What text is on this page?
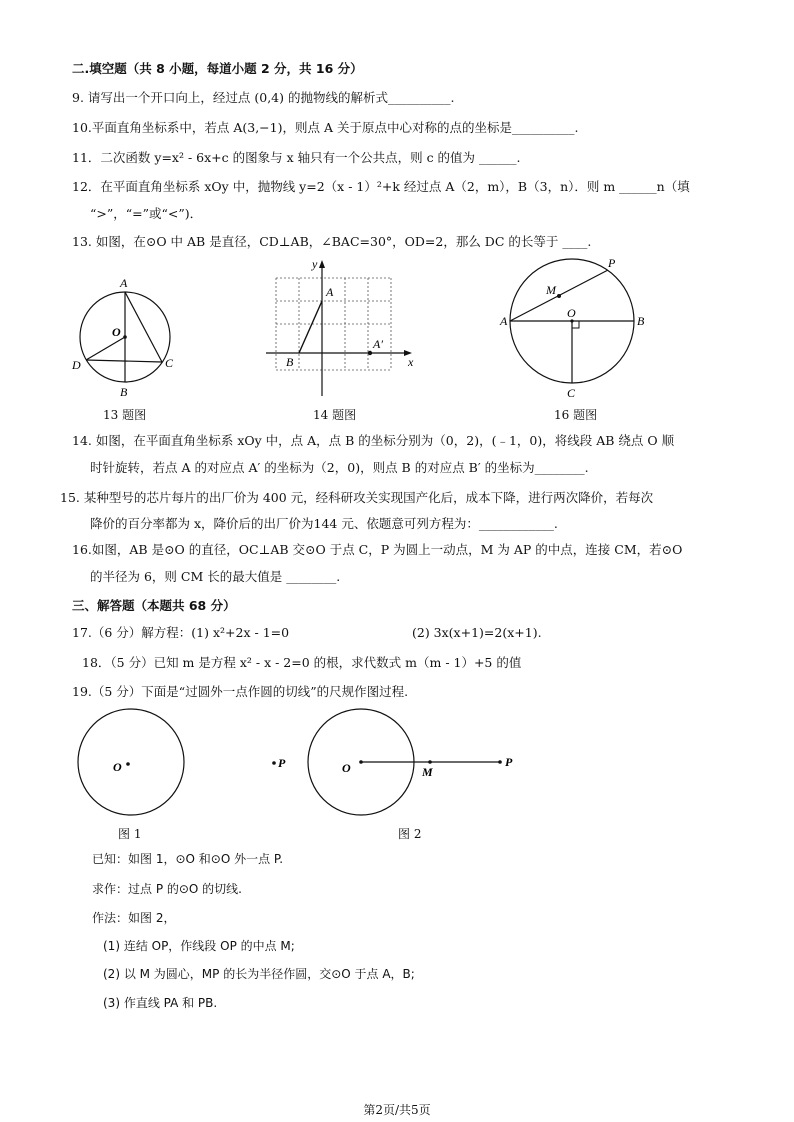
二.填空题（共 8 小题，每道小题 2 分，共 16 分）
9. 请写出一个开口向上，经过点 (0,4) 的抛物线的解析式__________.
10.平面直角坐标系中，若点 A(3,−1)，则点 A 关于原点中心对称的点的坐标是__________.
11．二次函数 y=x² - 6x+c 的图象与 x 轴只有一个公共点，则 c 的值为 ______.
12．在平面直角坐标系 xOy 中，抛物线 y=2（x - 1）²+k 经过点 A（2，m），B（3，n）．则 m ______n（填
“>”，“=”或“<”)．
13. 如图，在⊙O 中 AB 是直径，CD⊥AB，∠BAC=30°，OD=2，那么 DC 的长等于 ____.
A
O
D	C
B
13 题图
y
x
A
A′
B
14 题图
P
M
A
O
B
C
16 题图
14. 如图，在平面直角坐标系 xOy 中，点 A，点 B 的坐标分别为（0，2)，(﹣1，0)，将线段 AB 绕点 O 顺
时针旋转，若点 A 的对应点 A′ 的坐标为（2，0)，则点 B 的对应点 B′ 的坐标为________.
15. 某种型号的芯片每片的出厂价为 400 元，经科研攻关实现国产化后，成本下降，进行两次降价，若每次
降价的百分率都为 x，降价后的出厂价为144 元、依题意可列方程为：____________.
16.如图，AB 是⊙O 的直径，OC⊥AB 交⊙O 于点 C，P 为圆上一动点，M 为 AP 的中点，连接 CM，若⊙O
的半径为 6，则 CM 长的最大值是 ________.
三、解答题（本题共 68 分）
17.（6 分）解方程：(1) x²+2x - 1=0	(2) 3x(x+1)=2(x+1).
18．（5 分）已知 m 是方程 x² - x - 2=0 的根，求代数式 m（m - 1）+5 的值
19.（5 分）下面是“过圆外一点作圆的切线”的尺规作图过程.
O	P
图 1
O	M
P
图 2
已知：如图 1，⊙O 和⊙O 外一点 P.
求作：过点 P 的⊙O 的切线.
作法：如图 2，
(1) 连结 OP，作线段 OP 的中点 M;
(2) 以 M 为圆心，MP 的长为半径作圆，交⊙O 于点 A，B;
(3) 作直线 PA 和 PB.
第2页/共5页
